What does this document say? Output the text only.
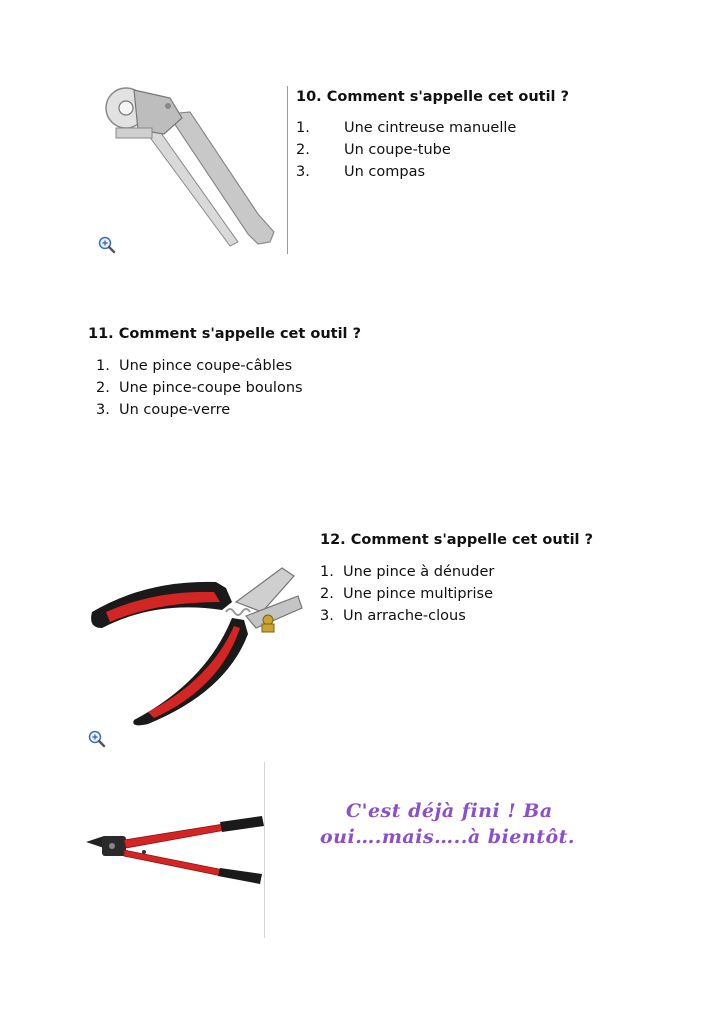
10. Comment s'appelle cet outil ?
1. Une cintreuse manuelle
2. Un coupe-tube
3. Un compas
11. Comment s'appelle cet outil ?
1. Une pince coupe-câbles
2. Une pince-coupe boulons
3. Un coupe-verre
12. Comment s'appelle cet outil ?
1. Une pince à dénuder
2. Une pince multiprise
3. Un arrache-clous
C'est déjà fini ! Ba
oui….mais…..à bientôt.
